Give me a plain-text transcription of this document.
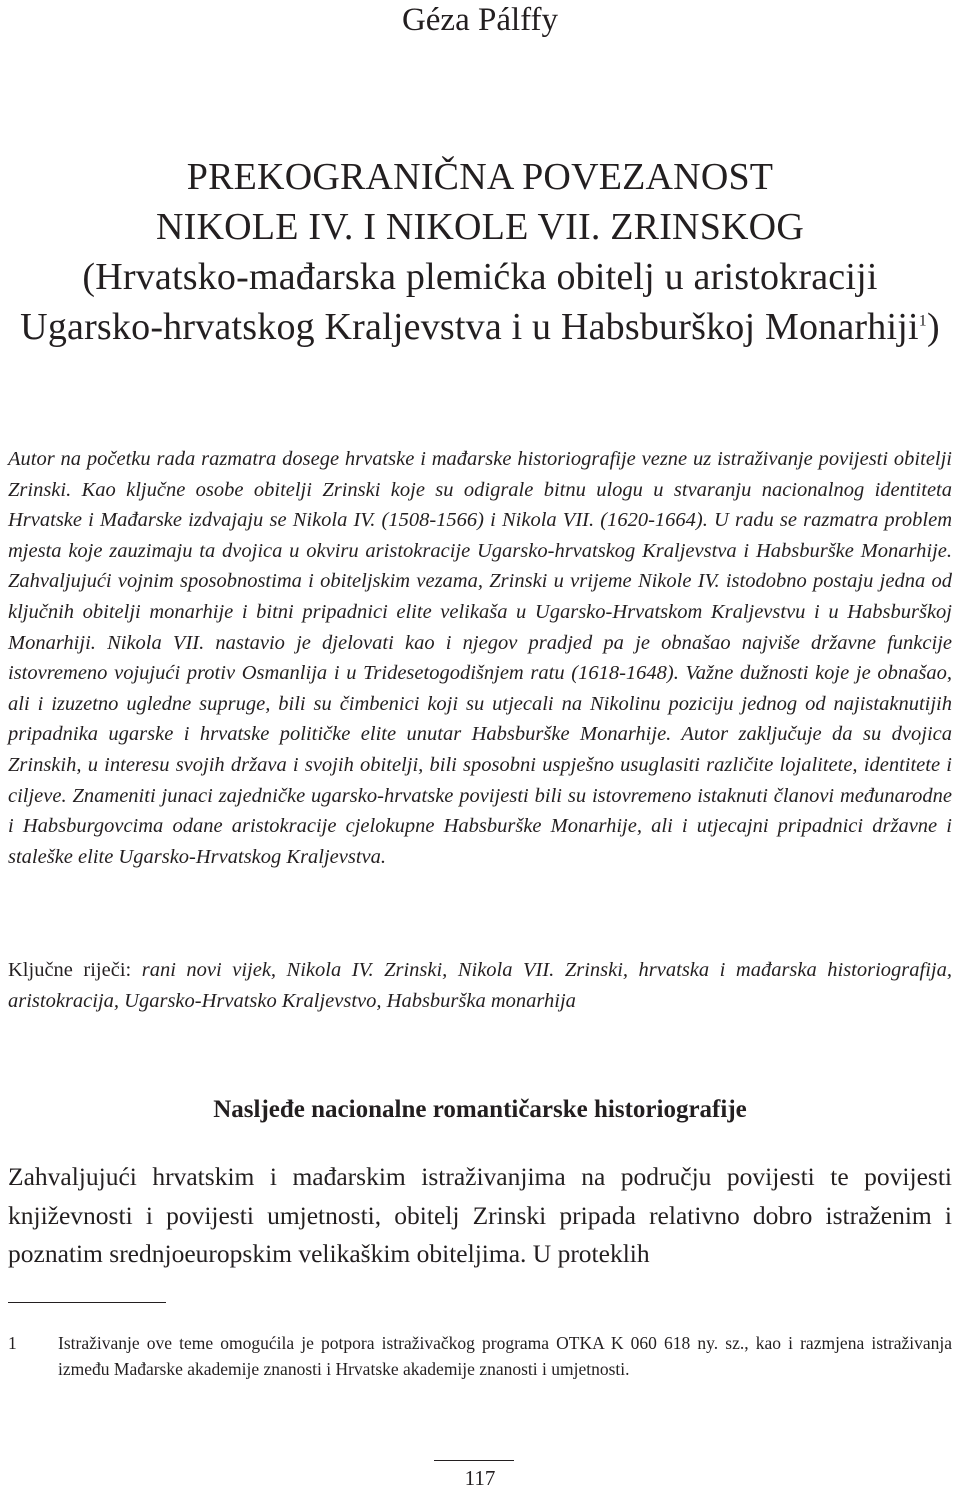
Géza Pálffy
PREKOGRANIČNA POVEZANOST
NIKOLE IV. I NIKOLE VII. ZRINSKOG
(Hrvatsko-mađarska plemićka obitelj u aristokraciji
Ugarsko-hrvatskog Kraljevstva i u Habsburškoj Monarhiji$^1$)

Autor na početku rada razmatra dosege hrvatske i mađarske historiografije vezne uz istraživanje povijesti obitelji Zrinski. Kao ključne osobe obitelji Zrinski koje su odigrale bitnu ulogu u stvaranju nacionalnog identiteta Hrvatske i Mađarske izdvajaju se Nikola IV. (1508-1566) i Nikola VII. (1620-1664). U radu se razmatra problem mjesta koje zauzimaju ta dvojica u okviru aristokracije Ugarsko-hrvatskog Kraljevstva i Habsburške Monarhije. Zahvaljujući vojnim sposobnostima i obiteljskim vezama, Zrinski u vrijeme Nikole IV. istodobno postaju jedna od ključnih obitelji monarhije i bitni pripadnici elite velikaša u Ugarsko-Hrvatskom Kraljevstvu i u Habsburškoj Monarhiji. Nikola VII. nastavio je djelovati kao i njegov pradjed pa je obnašao najviše državne funkcije istovremeno vojujući protiv Osmanlija i u Tridesetogodišnjem ratu (1618-1648). Važne dužnosti koje je obnašao, ali i izuzetno ugledne supruge, bili su čimbenici koji su utjecali na Nikolinu poziciju jednog od najistaknutijih pripadnika ugarske i hrvatske političke elite unutar Habsburške Monarhije. Autor zaključuje da su dvojica Zrinskih, u interesu svojih država i svojih obitelji, bili sposobni uspješno usuglasiti različite lojalitete, identitete i ciljeve. Znameniti junaci zajedničke ugarsko-hrvatske povijesti bili su istovremeno istaknuti članovi međunarodne i Habsburgovcima odane aristokracije cjelokupne Habsburške Monarhije, ali i utjecajni pripadnici državne i staleške elite Ugarsko-Hrvatskog Kraljevstva.

Ključne riječi: rani novi vijek, Nikola IV. Zrinski, Nikola VII. Zrinski, hrvatska i mađarska historiografija, aristokracija, Ugarsko-Hrvatsko Kraljevstvo, Habsburška monarhija

Nasljeđe nacionalne romantičarske historiografije

Zahvaljujući hrvatskim i mađarskim istraživanjima na području povijesti te povijesti književnosti i povijesti umjetnosti, obitelj Zrinski pripada relativno dobro istraženim i poznatim srednjoeuropskim velikaškim obiteljima. U proteklih

1	Istraživanje ove teme omogućila je potpora istraživačkog programa OTKA K 060 618 ny. sz., kao i razmjena istraživanja između Mađarske akademije znanosti i Hrvatske akademije znanosti i umjetnosti.
117
